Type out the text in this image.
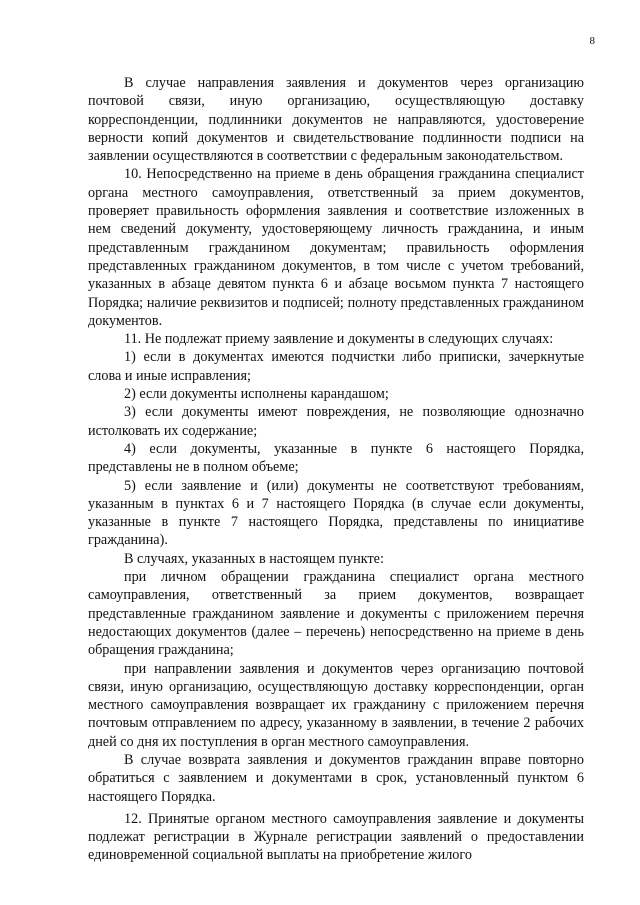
8

В случае направления заявления и документов через организацию почтовой связи, иную организацию, осуществляющую доставку корреспонденции, подлинники документов не направляются, удостоверение верности копий документов и свидетельствование подлинности подписи на заявлении осуществляются в соответствии с федеральным законодательством.

10. Непосредственно на приеме в день обращения гражданина специалист органа местного самоуправления, ответственный за прием документов, проверяет правильность оформления заявления и соответствие изложенных в нем сведений документу, удостоверяющему личность гражданина, и иным представленным гражданином документам; правильность оформления представленных гражданином документов, в том числе с учетом требований, указанных в абзаце девятом пункта 6 и абзаце восьмом пункта 7 настоящего Порядка; наличие реквизитов и подписей; полноту представленных гражданином документов.

11. Не подлежат приему заявление и документы в следующих случаях:

1) если в документах имеются подчистки либо приписки, зачеркнутые слова и иные исправления;

2) если документы исполнены карандашом;

3) если документы имеют повреждения, не позволяющие однозначно истолковать их содержание;

4) если документы, указанные в пункте 6 настоящего Порядка, представлены не в полном объеме;

5) если заявление и (или) документы не соответствуют требованиям, указанным в пунктах 6 и 7 настоящего Порядка (в случае если документы, указанные в пункте 7 настоящего Порядка, представлены по инициативе гражданина).

В случаях, указанных в настоящем пункте:

при личном обращении гражданина специалист органа местного самоуправления, ответственный за прием документов, возвращает представленные гражданином заявление и документы с приложением перечня недостающих документов (далее – перечень) непосредственно на приеме в день обращения гражданина;

при направлении заявления и документов через организацию почтовой связи, иную организацию, осуществляющую доставку корреспонденции, орган местного самоуправления возвращает их гражданину с приложением перечня почтовым отправлением по адресу, указанному в заявлении, в течение 2 рабочих дней со дня их поступления в орган местного самоуправления.

В случае возврата заявления и документов гражданин вправе повторно обратиться с заявлением и документами в срок, установленный пунктом 6 настоящего Порядка.

12. Принятые органом местного самоуправления заявление и документы подлежат регистрации в Журнале регистрации заявлений о предоставлении единовременной социальной выплаты на приобретение жилого
